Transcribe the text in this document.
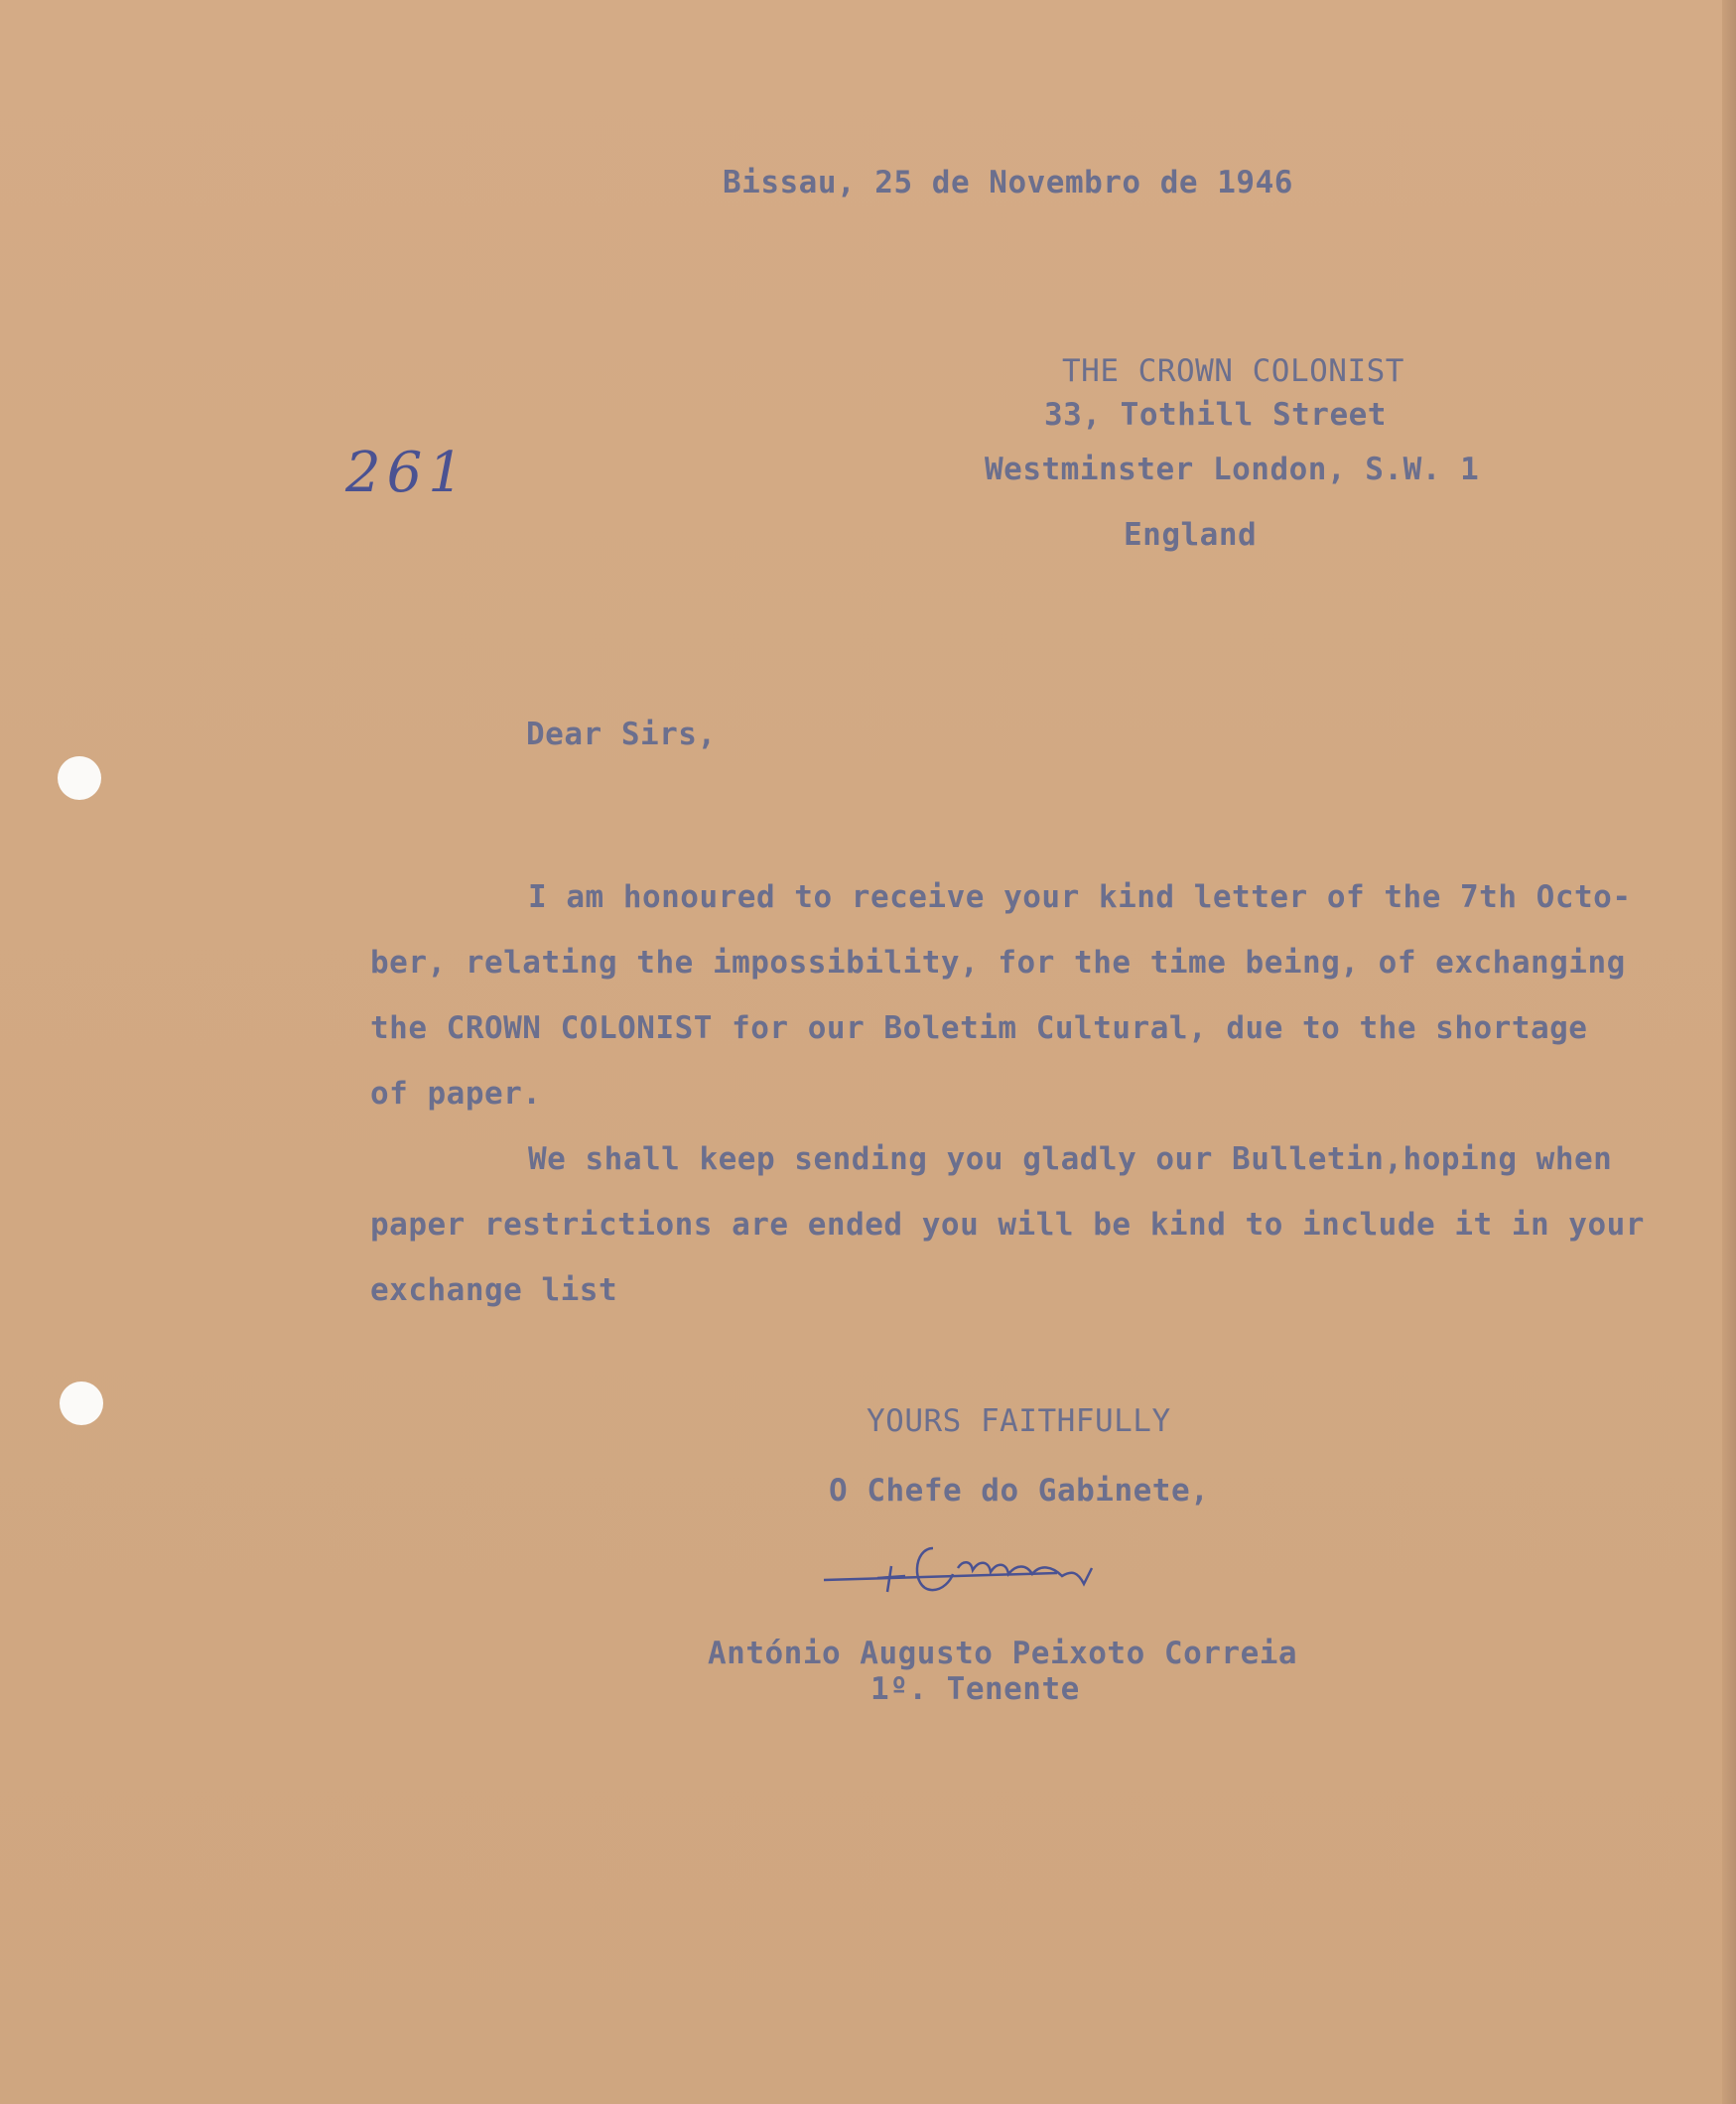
Bissau, 25 de Novembro de 1946
THE CROWN COLONIST
33, Tothill Street
Westminster London, S.W. 1
England
261
Dear Sirs,
I am honoured to receive your kind letter of the 7th Octo-
ber, relating the impossibility, for the time being, of exchanging
the CROWN COLONIST for our Boletim Cultural, due to the shortage
of paper.
We shall keep sending you gladly our Bulletin,hoping when
paper restrictions are ended you will be kind to include it in your
exchange list
YOURS FAITHFULLY
O Chefe do Gabinete,
António Augusto Peixoto Correia
1º. Tenente
